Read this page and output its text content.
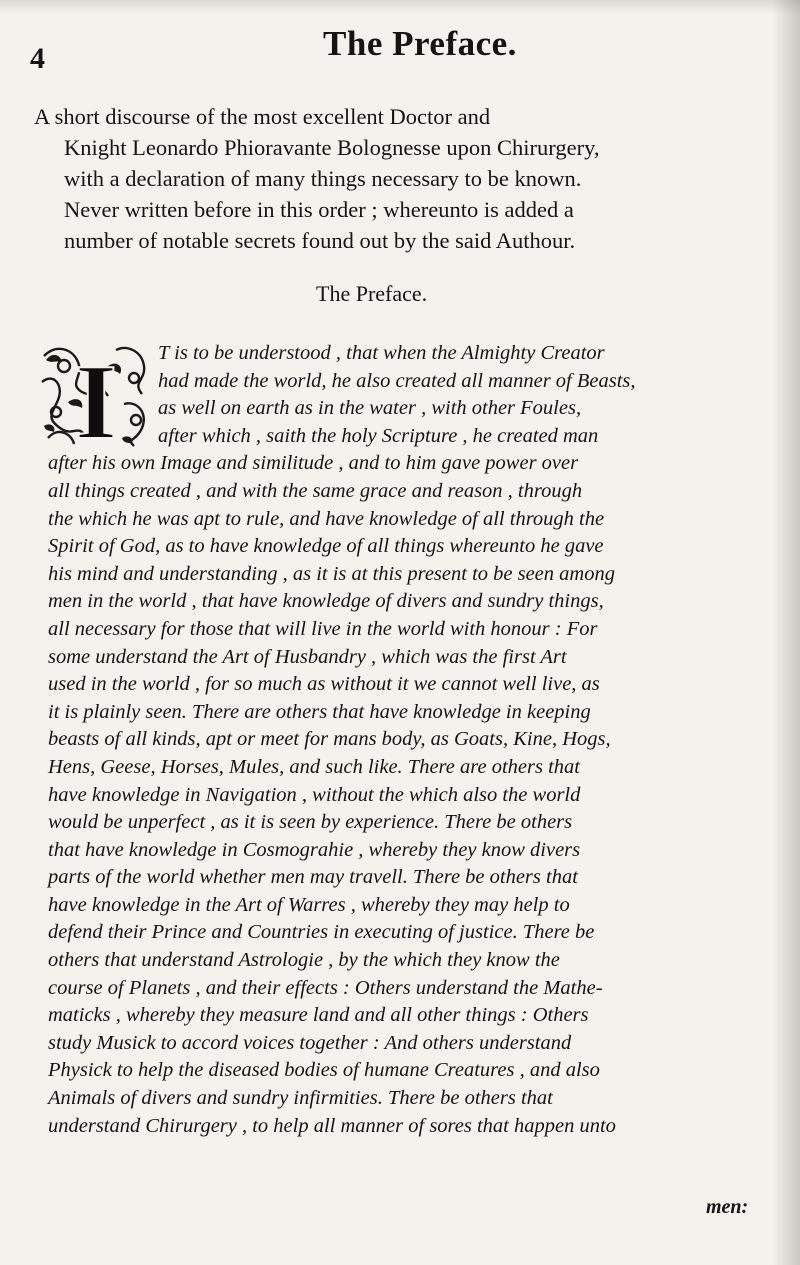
4	The Preface.
A short discourse of the most excellent Doctor and
Knight Leonardo Phioravante Bolognesse upon Chirurgery,
with a declaration of many things necessary to be known.
Never written before in this order ; whereunto is added a
number of notable secrets found out by the said Authour.
The Preface.
I	T is to be understood , that when the Almighty Creator
had made the world, he also created all manner of Beasts,
as well on earth as in the water , with other Foules,
after which , saith the holy Scripture , he created man
after his own Image and similitude , and to him gave power over
all things created , and with the same grace and reason , through
the which he was apt to rule, and have knowledge of all through the
Spirit of God, as to have knowledge of all things whereunto he gave
his mind and understanding , as it is at this present to be seen among
men in the world , that have knowledge of divers and sundry things,
all necessary for those that will live in the world with honour : For
some understand the Art of Husbandry , which was the first Art
used in the world , for so much as without it we cannot well live, as
it is plainly seen. There are others that have knowledge in keeping
beasts of all kinds, apt or meet for mans body, as Goats, Kine, Hogs,
Hens, Geese, Horses, Mules, and such like. There are others that
have knowledge in Navigation , without the which also the world
would be unperfect , as it is seen by experience. There be others
that have knowledge in Cosmograhie , whereby they know divers
parts of the world whether men may travell. There be others that
have knowledge in the Art of Warres , whereby they may help to
defend their Prince and Countries in executing of justice. There be
others that understand Astrologie , by the which they know the
course of Planets , and their effects : Others understand the Mathe-
maticks , whereby they measure land and all other things : Others
study Musick to accord voices together : And others understand
Physick to help the diseased bodies of humane Creatures , and also
Animals of divers and sundry infirmities. There be others that
understand Chirurgery , to help all manner of sores that happen unto
men:
